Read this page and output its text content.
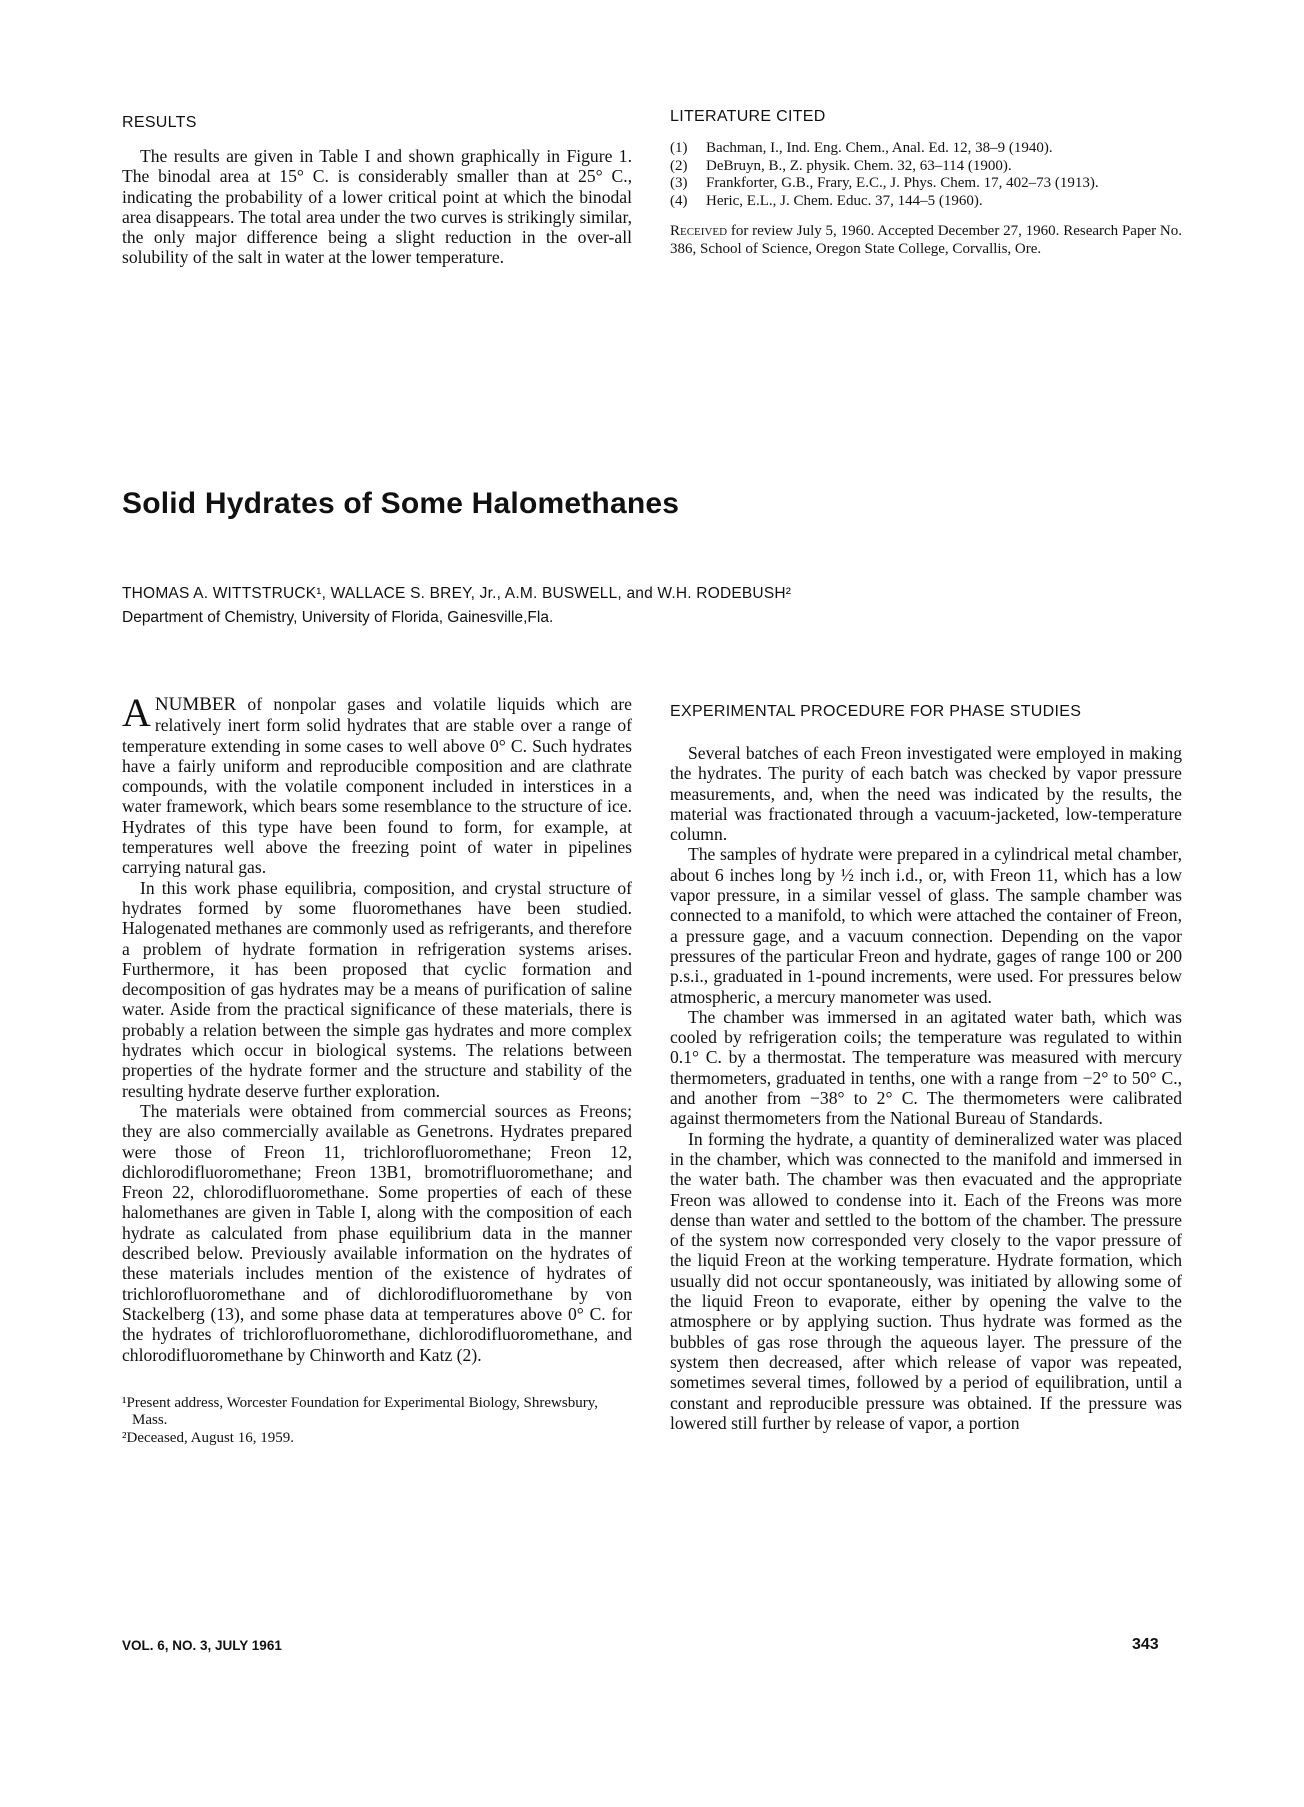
RESULTS

The results are given in Table I and shown graphically in Figure 1. The binodal area at 15° C. is considerably smaller than at 25° C., indicating the probability of a lower critical point at which the binodal area disappears. The total area under the two curves is strikingly similar, the only major difference being a slight reduction in the over-all solubility of the salt in water at the lower temperature.

LITERATURE CITED
(1)	Bachman, I., Ind. Eng. Chem., Anal. Ed. 12, 38–9 (1940).
(2)	DeBruyn, B., Z. physik. Chem. 32, 63–114 (1900).
(3)	Frankforter, G.B., Frary, E.C., J. Phys. Chem. 17, 402–73 (1913).
(4)	Heric, E.L., J. Chem. Educ. 37, 144–5 (1960).

Received for review July 5, 1960. Accepted December 27, 1960. Research Paper No. 386, School of Science, Oregon State College, Corvallis, Ore.

Solid Hydrates of Some Halomethanes

THOMAS A. WITTSTRUCK¹, WALLACE S. BREY, Jr., A.M. BUSWELL, and W.H. RODEBUSH²

Department of Chemistry, University of Florida, Gainesville,Fla.

ANUMBER of nonpolar gases and volatile liquids which are relatively inert form solid hydrates that are stable over a range of temperature extending in some cases to well above 0° C. Such hydrates have a fairly uniform and reproducible composition and are clathrate compounds, with the volatile component included in interstices in a water framework, which bears some resemblance to the structure of ice. Hydrates of this type have been found to form, for example, at temperatures well above the freezing point of water in pipelines carrying natural gas.

In this work phase equilibria, composition, and crystal structure of hydrates formed by some fluoromethanes have been studied. Halogenated methanes are commonly used as refrigerants, and therefore a problem of hydrate formation in refrigeration systems arises. Furthermore, it has been proposed that cyclic formation and decomposition of gas hydrates may be a means of purification of saline water. Aside from the practical significance of these materials, there is probably a relation between the simple gas hydrates and more complex hydrates which occur in biological systems. The relations between properties of the hydrate former and the structure and stability of the resulting hydrate deserve further exploration.

The materials were obtained from commercial sources as Freons; they are also commercially available as Genetrons. Hydrates prepared were those of Freon 11, trichlorofluoromethane; Freon 12, dichlorodifluoromethane; Freon 13B1, bromotrifluoromethane; and Freon 22, chlorodifluoromethane. Some properties of each of these halomethanes are given in Table I, along with the composition of each hydrate as calculated from phase equilibrium data in the manner described below. Previously available information on the hydrates of these materials includes mention of the existence of hydrates of trichlorofluoromethane and of dichlorodifluoromethane by von Stackelberg (13), and some phase data at temperatures above 0° C. for the hydrates of trichlorofluoromethane, dichlorodifluoromethane, and chlorodifluoromethane by Chinworth and Katz (2).

¹Present address, Worcester Foundation for Experimental Biology, Shrewsbury, Mass.

²Deceased, August 16, 1959.

EXPERIMENTAL PROCEDURE FOR PHASE STUDIES

Several batches of each Freon investigated were employed in making the hydrates. The purity of each batch was checked by vapor pressure measurements, and, when the need was indicated by the results, the material was fractionated through a vacuum-jacketed, low-temperature column.

The samples of hydrate were prepared in a cylindrical metal chamber, about 6 inches long by ½ inch i.d., or, with Freon 11, which has a low vapor pressure, in a similar vessel of glass. The sample chamber was connected to a manifold, to which were attached the container of Freon, a pressure gage, and a vacuum connection. Depending on the vapor pressures of the particular Freon and hydrate, gages of range 100 or 200 p.s.i., graduated in 1-pound increments, were used. For pressures below atmospheric, a mercury manometer was used.

The chamber was immersed in an agitated water bath, which was cooled by refrigeration coils; the temperature was regulated to within 0.1° C. by a thermostat. The temperature was measured with mercury thermometers, graduated in tenths, one with a range from −2° to 50° C., and another from −38° to 2° C. The thermometers were calibrated against thermometers from the National Bureau of Standards.

In forming the hydrate, a quantity of demineralized water was placed in the chamber, which was connected to the manifold and immersed in the water bath. The chamber was then evacuated and the appropriate Freon was allowed to condense into it. Each of the Freons was more dense than water and settled to the bottom of the chamber. The pressure of the system now corresponded very closely to the vapor pressure of the liquid Freon at the working temperature. Hydrate formation, which usually did not occur spontaneously, was initiated by allowing some of the liquid Freon to evaporate, either by opening the valve to the atmosphere or by applying suction. Thus hydrate was formed as the bubbles of gas rose through the aqueous layer. The pressure of the system then decreased, after which release of vapor was repeated, sometimes several times, followed by a period of equilibration, until a constant and reproducible pressure was obtained. If the pressure was lowered still further by release of vapor, a portion

VOL. 6, NO. 3, JULY 1961	343
